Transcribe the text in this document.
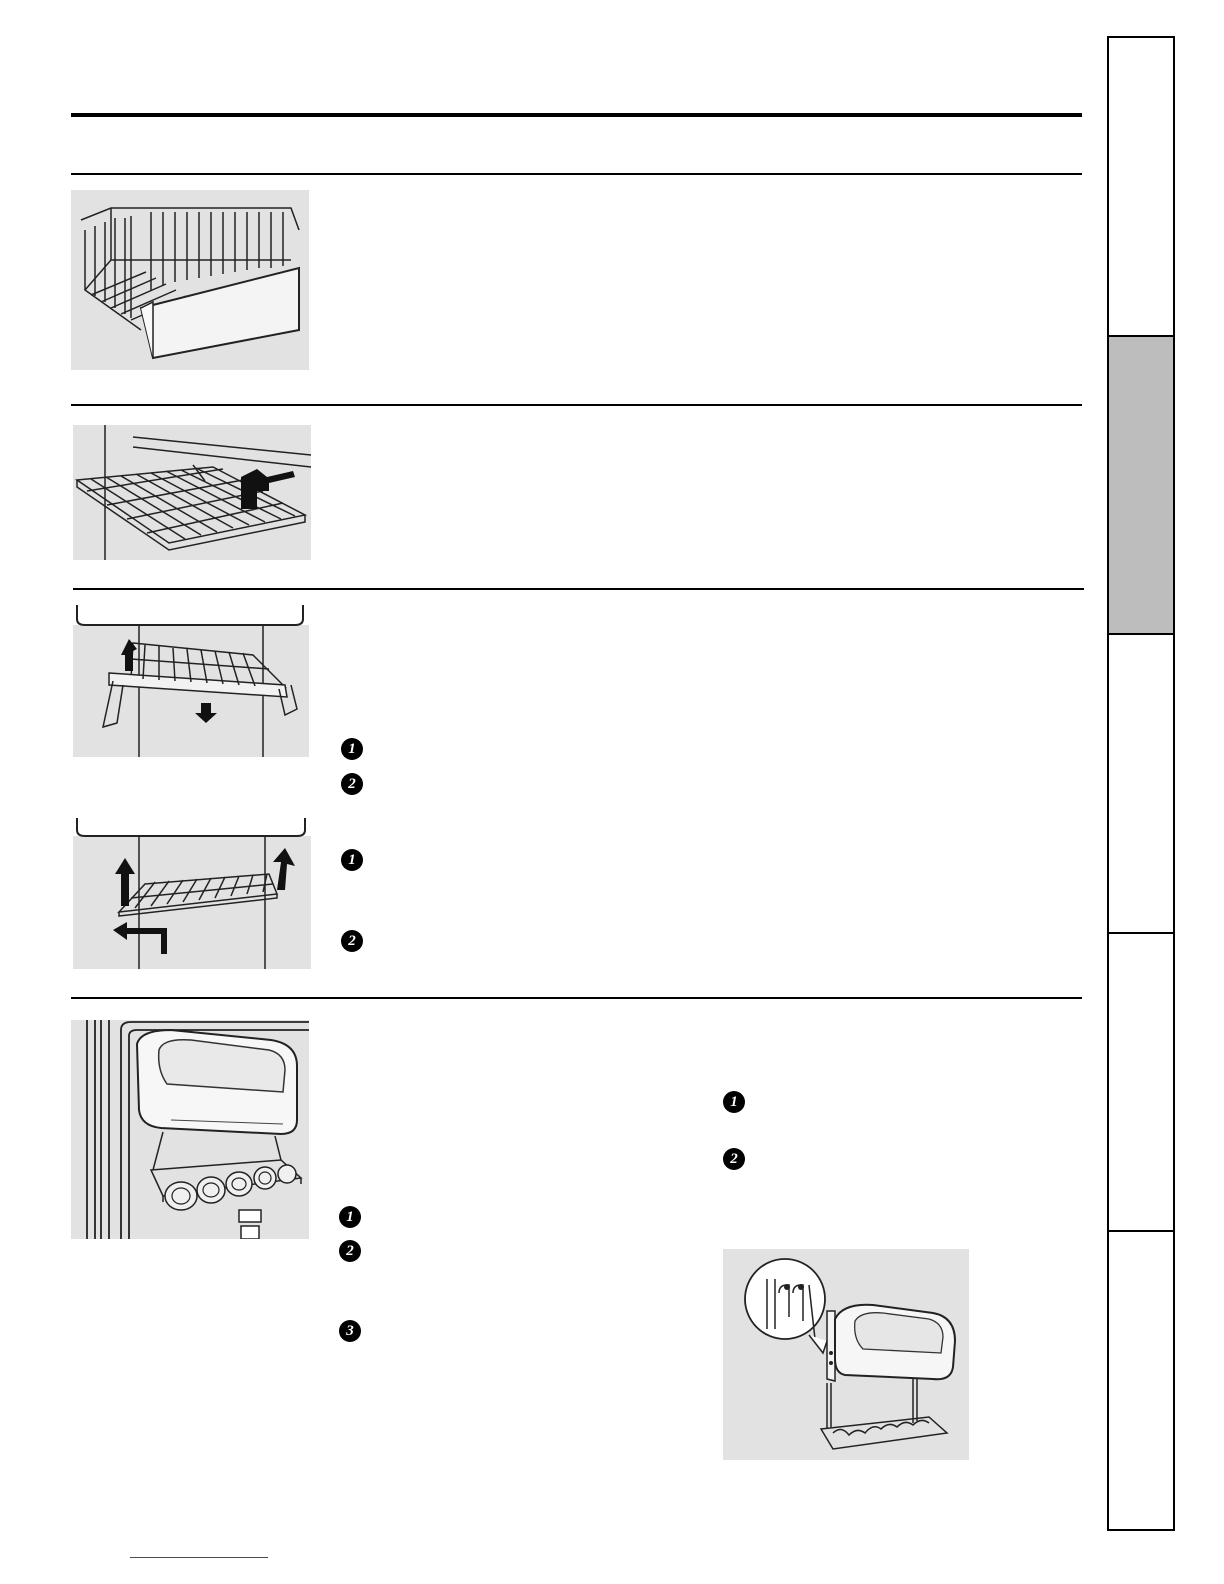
1
2
1
2
1
2
3
1
2
